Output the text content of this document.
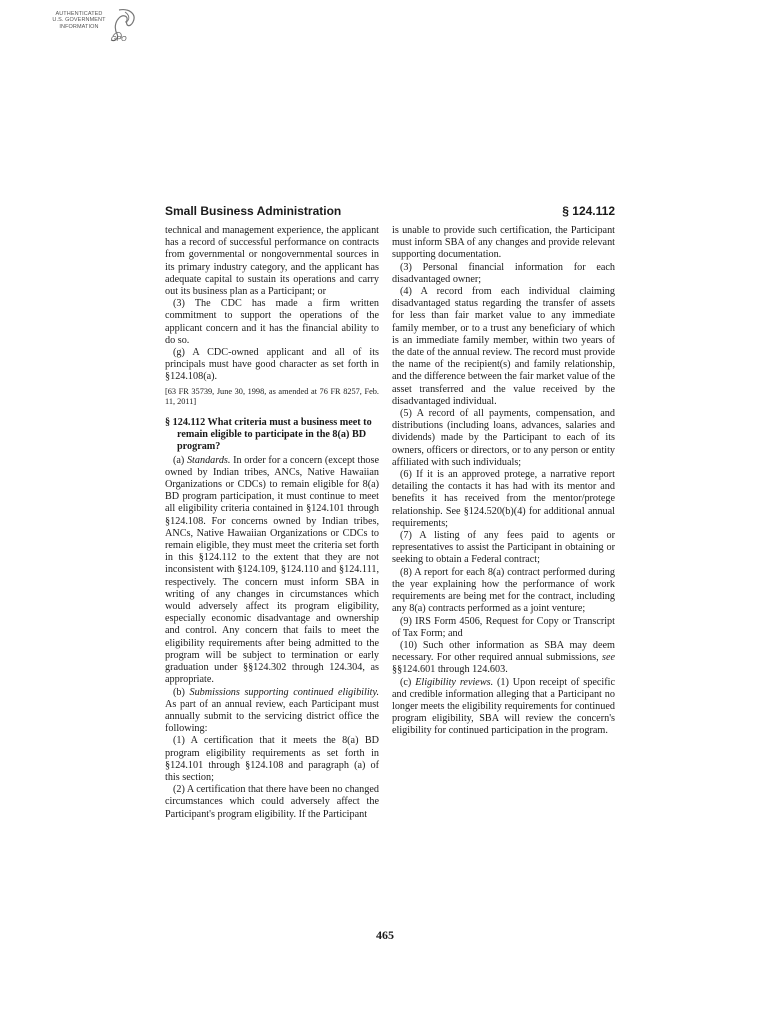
AUTHENTICATED
U.S. GOVERNMENT
INFORMATION
GPO
Small Business Administration	§ 124.112

technical and management experience, the applicant has a record of successful performance on contracts from governmental or nongovernmental sources in its primary industry category, and the applicant has adequate capital to sustain its operations and carry out its business plan as a Participant; or

(3) The CDC has made a firm written commitment to support the operations of the applicant concern and it has the financial ability to do so.

(g) A CDC-owned applicant and all of its principals must have good character as set forth in §124.108(a).

[63 FR 35739, June 30, 1998, as amended at 76 FR 8257, Feb. 11, 2011]

§ 124.112 What criteria must a business meet to remain eligible to participate in the 8(a) BD program?

(a) Standards. In order for a concern (except those owned by Indian tribes, ANCs, Native Hawaiian Organizations or CDCs) to remain eligible for 8(a) BD program participation, it must continue to meet all eligibility criteria contained in §124.101 through §124.108. For concerns owned by Indian tribes, ANCs, Native Hawaiian Organizations or CDCs to remain eligible, they must meet the criteria set forth in this §124.112 to the extent that they are not inconsistent with §124.109, §124.110 and §124.111, respectively. The concern must inform SBA in writing of any changes in circumstances which would adversely affect its program eligibility, especially economic disadvantage and ownership and control. Any concern that fails to meet the eligibility requirements after being admitted to the program will be subject to termination or early graduation under §§124.302 through 124.304, as appropriate.

(b) Submissions supporting continued eligibility. As part of an annual review, each Participant must annually submit to the servicing district office the following:

(1) A certification that it meets the 8(a) BD program eligibility requirements as set forth in §124.101 through §124.108 and paragraph (a) of this section;

(2) A certification that there have been no changed circumstances which could adversely affect the Participant's program eligibility. If the Participant

is unable to provide such certification, the Participant must inform SBA of any changes and provide relevant supporting documentation.

(3) Personal financial information for each disadvantaged owner;

(4) A record from each individual claiming disadvantaged status regarding the transfer of assets for less than fair market value to any immediate family member, or to a trust any beneficiary of which is an immediate family member, within two years of the date of the annual review. The record must provide the name of the recipient(s) and family relationship, and the difference between the fair market value of the asset transferred and the value received by the disadvantaged individual.

(5) A record of all payments, compensation, and distributions (including loans, advances, salaries and dividends) made by the Participant to each of its owners, officers or directors, or to any person or entity affiliated with such individuals;

(6) If it is an approved protege, a narrative report detailing the contacts it has had with its mentor and benefits it has received from the mentor/protege relationship. See §124.520(b)(4) for additional annual requirements;

(7) A listing of any fees paid to agents or representatives to assist the Participant in obtaining or seeking to obtain a Federal contract;

(8) A report for each 8(a) contract performed during the year explaining how the performance of work requirements are being met for the contract, including any 8(a) contracts performed as a joint venture;

(9) IRS Form 4506, Request for Copy or Transcript of Tax Form; and

(10) Such other information as SBA may deem necessary. For other required annual submissions, see §§124.601 through 124.603.

(c) Eligibility reviews. (1) Upon receipt of specific and credible information alleging that a Participant no longer meets the eligibility requirements for continued program eligibility, SBA will review the concern's eligibility for continued participation in the program.

465
